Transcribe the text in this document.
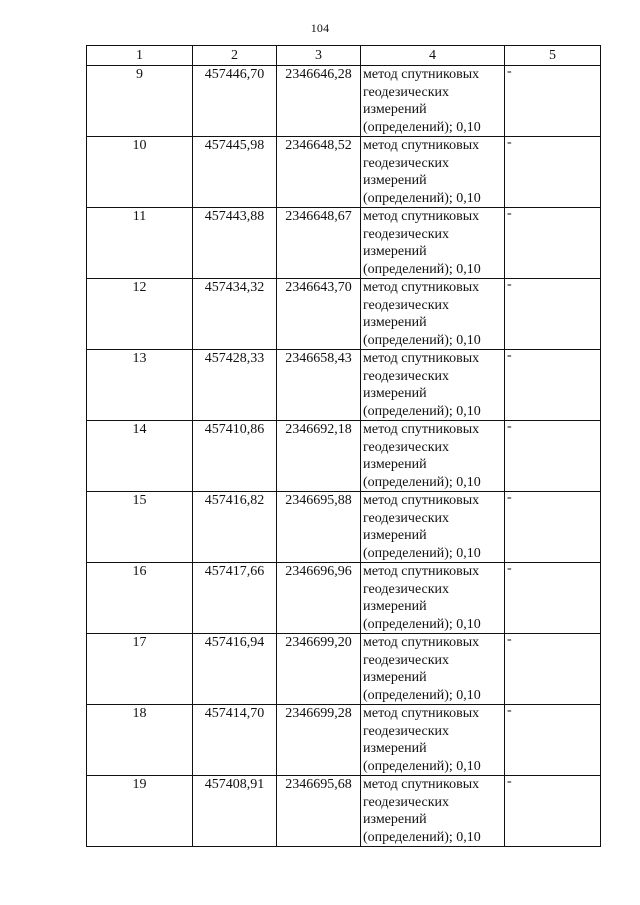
104
1	2	3	4	5
9	457446,70	2346646,28	метод спутниковых геодезических измерений (определений); 0,10	-
10	457445,98	2346648,52	метод спутниковых геодезических измерений (определений); 0,10	-
11	457443,88	2346648,67	метод спутниковых геодезических измерений (определений); 0,10	-
12	457434,32	2346643,70	метод спутниковых геодезических измерений (определений); 0,10	-
13	457428,33	2346658,43	метод спутниковых геодезических измерений (определений); 0,10	-
14	457410,86	2346692,18	метод спутниковых геодезических измерений (определений); 0,10	-
15	457416,82	2346695,88	метод спутниковых геодезических измерений (определений); 0,10	-
16	457417,66	2346696,96	метод спутниковых геодезических измерений (определений); 0,10	-
17	457416,94	2346699,20	метод спутниковых геодезических измерений (определений); 0,10	-
18	457414,70	2346699,28	метод спутниковых геодезических измерений (определений); 0,10	-
19	457408,91	2346695,68	метод спутниковых геодезических измерений (определений); 0,10	-
